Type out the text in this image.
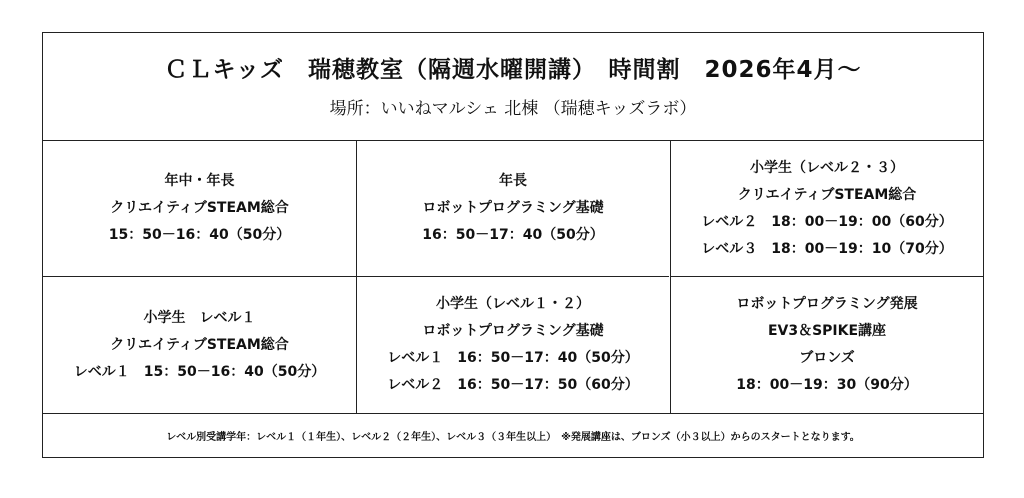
ＣＬキッズ　瑞穂教室（隔週水曜開講）　時間割　2026年4月～
場所：いいねマルシェ 北棟 （瑞穂キッズラボ）
年中・年長
クリエイティブSTEAM総合
15：50－16：40（50分）
年長
ロボットプログラミング基礎
16：50－17：40（50分）
小学生（レベル２・３）
クリエイティブSTEAM総合
レベル２　18：00－19：00（60分）
レベル３　18：00－19：10（70分）
小学生　レベル１
クリエイティブSTEAM総合
レベル１　15：50－16：40（50分）
小学生（レベル１・２）
ロボットプログラミング基礎
レベル１　16：50－17：40（50分）
レベル２　16：50－17：50（60分）
ロボットプログラミング発展
EV3＆SPIKE講座
ブロンズ
18：00－19：30（90分）
レベル別受講学年：レベル１（１年生）、レベル２（２年生）、レベル３（３年生以上）　※発展講座は、ブロンズ（小３以上）からのスタートとなります。
